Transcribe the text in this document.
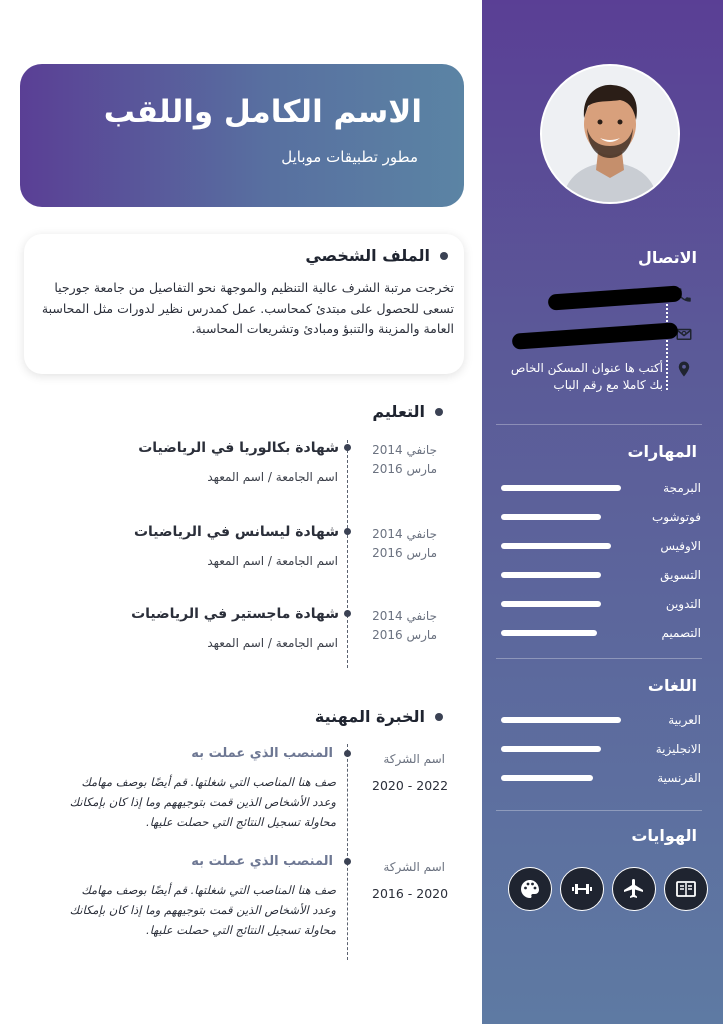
الاتصال
أكتب ها عنوان المسكن الخاص بك كاملا مع رقم الباب
المهارات
البرمجة
فوتوشوب
الاوفيس
التسويق
التدوين
التصميم
اللغات
العربية
الانجليزية
الفرنسية
الهوايات
الاسم الكامل واللقب
مطور تطبيقات موبايل
الملف الشخصي
تخرجت مرتبة الشرف عالية التنظيم والموجهة نحو التفاصيل من جامعة جورجيا تسعى للحصول على مبتدئ كمحاسب. عمل كمدرس نظير لدورات مثل المحاسبة العامة والمزينة والتنبؤ ومبادئ وتشريعات المحاسبة.
التعليم
شهادة بكالوريا في الرياضيات
اسم الجامعة / اسم المعهد
جانفي 2014
مارس 2016
شهادة ليسانس في الرياضيات
اسم الجامعة / اسم المعهد
جانفي 2014
مارس 2016
شهادة ماجستير في الرياضيات
اسم الجامعة / اسم المعهد
جانفي 2014
مارس 2016
الخبرة المهنية
المنصب الذي عملت به	اسم الشركة
2020 - 2022
صف هنا المناصب التي شغلتها. قم أيضًا بوصف مهامك وعدد الأشخاص الذين قمت بتوجيههم وما إذا كان بإمكانك محاولة تسجيل النتائج التي حصلت عليها.
المنصب الذي عملت به	اسم الشركة
2016 - 2020
صف هنا المناصب التي شغلتها. قم أيضًا بوصف مهامك وعدد الأشخاص الذين قمت بتوجيههم وما إذا كان بإمكانك محاولة تسجيل النتائج التي حصلت عليها.
